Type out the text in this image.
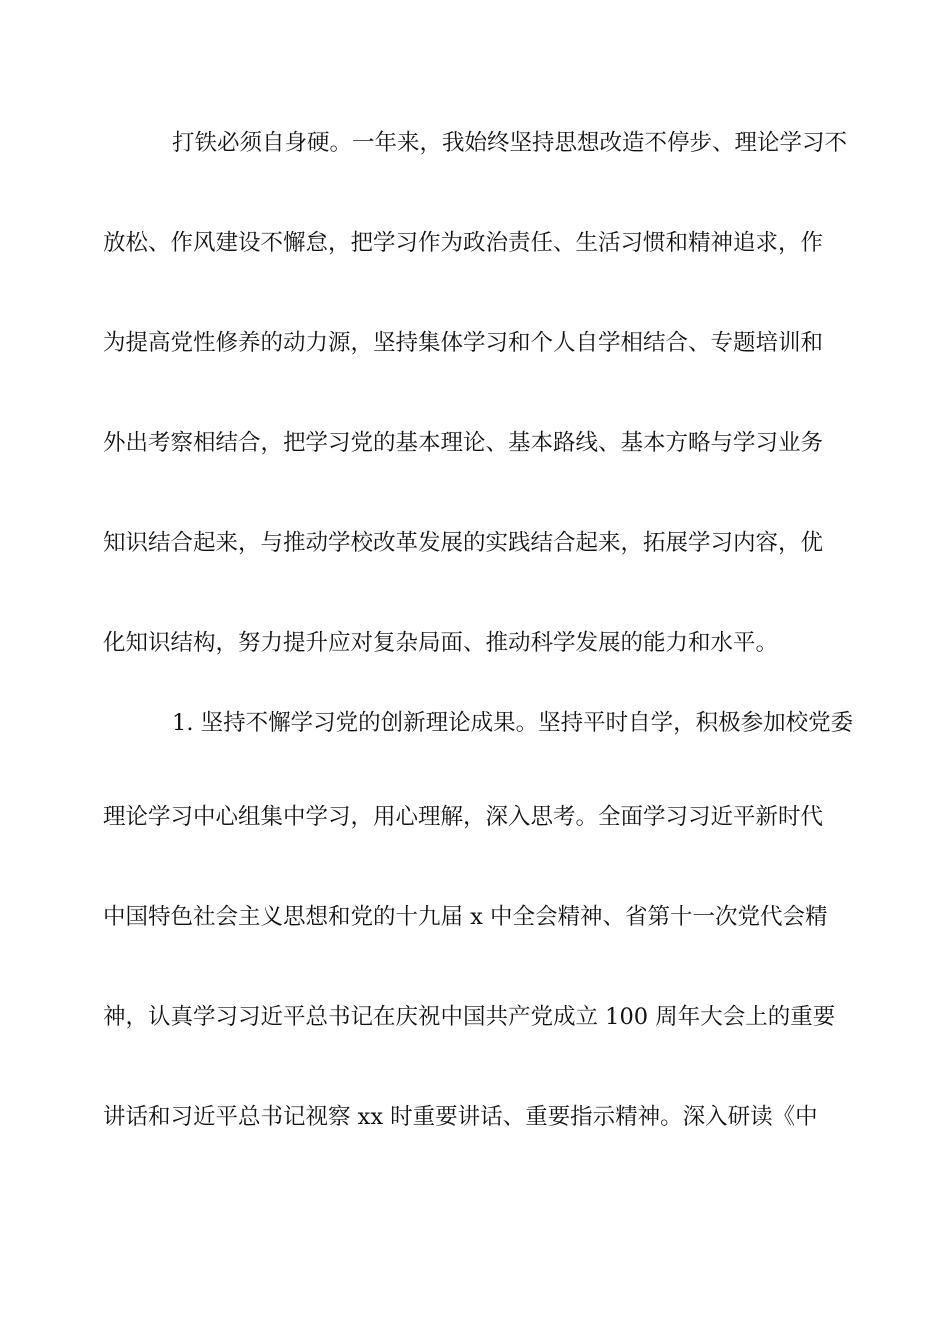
打铁必须自身硬。一年来，我始终坚持思想改造不停步、理论学习不
放松、作风建设不懈怠，把学习作为政治责任、生活习惯和精神追求，作
为提高党性修养的动力源，坚持集体学习和个人自学相结合、专题培训和
外出考察相结合，把学习党的基本理论、基本路线、基本方略与学习业务
知识结合起来，与推动学校改革发展的实践结合起来，拓展学习内容，优
化知识结构，努力提升应对复杂局面、推动科学发展的能力和水平。
1. 坚持不懈学习党的创新理论成果。坚持平时自学，积极参加校党委
理论学习中心组集中学习，用心理解，深入思考。全面学习习近平新时代
中国特色社会主义思想和党的十九届 x 中全会精神、省第十一次党代会精
神，认真学习习近平总书记在庆祝中国共产党成立 100 周年大会上的重要
讲话和习近平总书记视察 xx 时重要讲话、重要指示精神。深入研读《中
